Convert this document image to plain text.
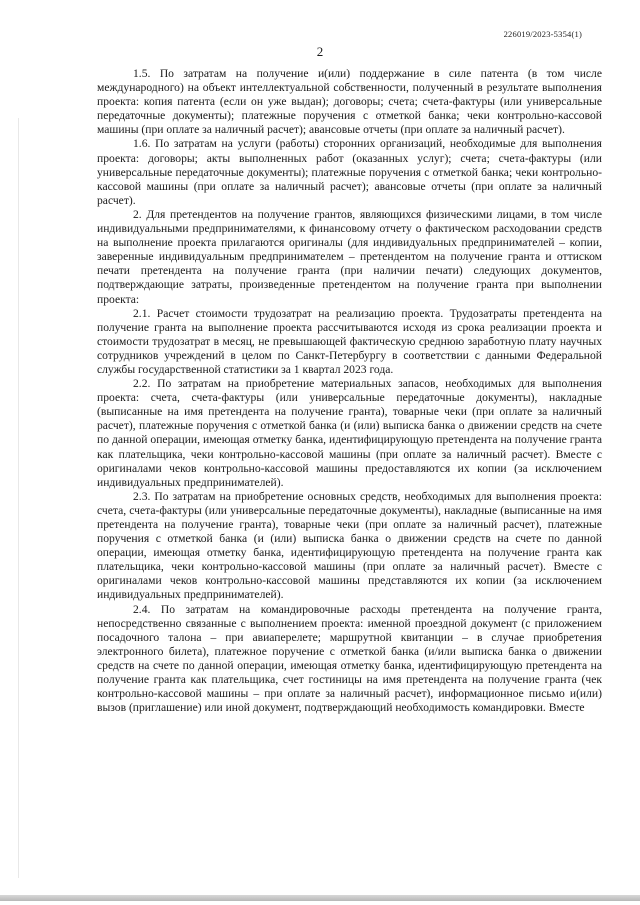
226019/2023-5354(1)
2

1.5. По затратам на получение и(или) поддержание в силе патента (в том числе международного) на объект интеллектуальной собственности, полученный в результате выполнения проекта: копия патента (если он уже выдан); договоры; счета; счета-фактуры (или универсальные передаточные документы); платежные поручения с отметкой банка; чеки контрольно-кассовой машины (при оплате за наличный расчет); авансовые отчеты (при оплате за наличный расчет).

1.6. По затратам на услуги (работы) сторонних организаций, необходимые для выполнения проекта: договоры; акты выполненных работ (оказанных услуг); счета; счета-фактуры (или универсальные передаточные документы); платежные поручения с отметкой банка; чеки контрольно-кассовой машины (при оплате за наличный расчет); авансовые отчеты (при оплате за наличный расчет).

2. Для претендентов на получение грантов, являющихся физическими лицами, в том числе индивидуальными предпринимателями, к финансовому отчету о фактическом расходовании средств на выполнение проекта прилагаются оригиналы (для индивидуальных предпринимателей – копии, заверенные индивидуальным предпринимателем – претендентом на получение гранта и оттиском печати претендента на получение гранта (при наличии печати) следующих документов, подтверждающие затраты, произведенные претендентом на получение гранта при выполнении проекта:

2.1. Расчет стоимости трудозатрат на реализацию проекта. Трудозатраты претендента на получение гранта на выполнение проекта рассчитываются исходя из срока реализации проекта и стоимости трудозатрат в месяц, не превышающей фактическую среднюю заработную плату научных сотрудников учреждений в целом по Санкт-Петербургу в соответствии с данными Федеральной службы государственной статистики за 1 квартал 2023 года.

2.2. По затратам на приобретение материальных запасов, необходимых для выполнения проекта: счета, счета-фактуры (или универсальные передаточные документы), накладные (выписанные на имя претендента на получение гранта), товарные чеки (при оплате за наличный расчет), платежные поручения с отметкой банка (и (или) выписка банка о движении средств на счете по данной операции, имеющая отметку банка, идентифицирующую претендента на получение гранта как плательщика, чеки контрольно-кассовой машины (при оплате за наличный расчет). Вместе с оригиналами чеков контрольно-кассовой машины предоставляются их копии (за исключением индивидуальных предпринимателей).

2.3. По затратам на приобретение основных средств, необходимых для выполнения проекта: счета, счета-фактуры (или универсальные передаточные документы), накладные (выписанные на имя претендента на получение гранта), товарные чеки (при оплате за наличный расчет), платежные поручения с отметкой банка (и (или) выписка банка о движении средств на счете по данной операции, имеющая отметку банка, идентифицирующую претендента на получение гранта как плательщика, чеки контрольно-кассовой машины (при оплате за наличный расчет). Вместе с оригиналами чеков контрольно-кассовой машины представляются их копии (за исключением индивидуальных предпринимателей).

2.4. По затратам на командировочные расходы претендента на получение гранта, непосредственно связанные с выполнением проекта: именной проездной документ (с приложением посадочного талона – при авиаперелете; маршрутной квитанции – в случае приобретения электронного билета), платежное поручение с отметкой банка (и/или выписка банка о движении средств на счете по данной операции, имеющая отметку банка, идентифицирующую претендента на получение гранта как плательщика, счет гостиницы на имя претендента на получение гранта (чек контрольно-кассовой машины – при оплате за наличный расчет), информационное письмо и(или) вызов (приглашение) или иной документ, подтверждающий необходимость командировки. Вместе
